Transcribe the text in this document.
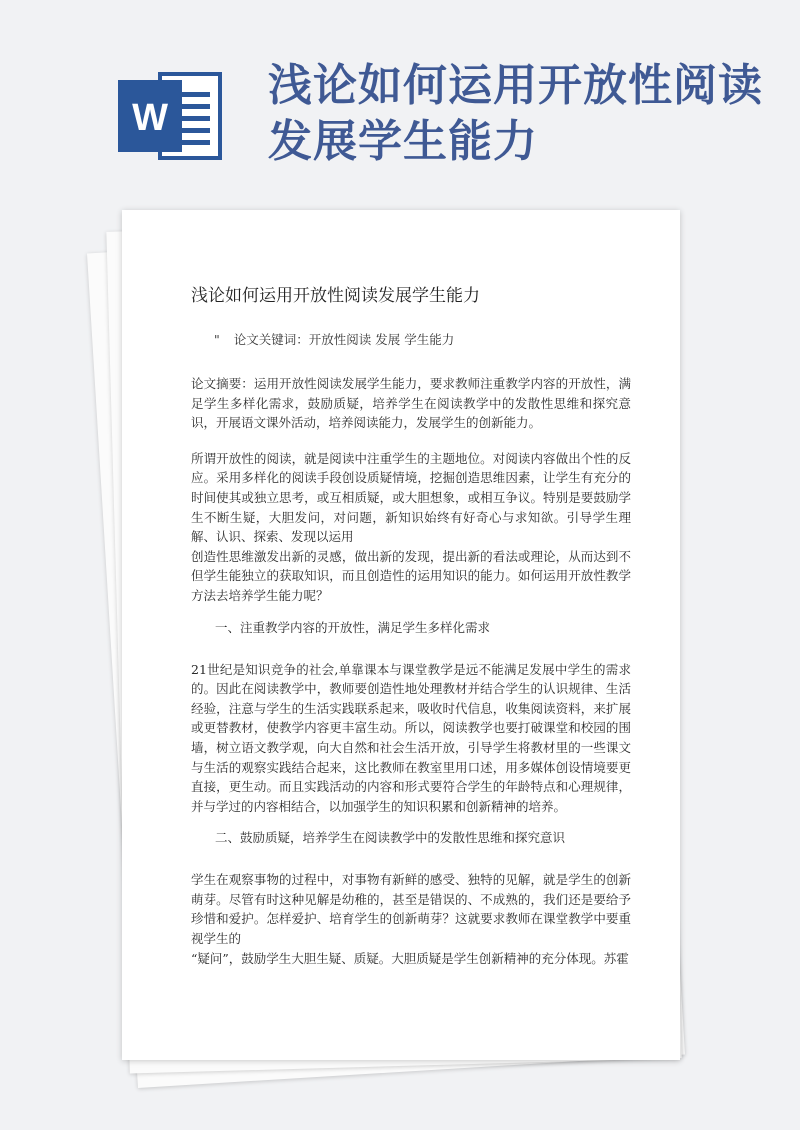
W
浅论如何运用开放性阅读发展学生能力
浅论如何运用开放性阅读发展学生能力
" 论文关键词：开放性阅读 发展 学生能力

论文摘要：运用开放性阅读发展学生能力，要求教师注重教学内容的开放性，满足学生多样化需求，鼓励质疑，培养学生在阅读教学中的发散性思维和探究意识，开展语文课外活动，培养阅读能力，发展学生的创新能力。

所谓开放性的阅读，就是阅读中注重学生的主题地位。对阅读内容做出个性的反应。采用多样化的阅读手段创设质疑情境，挖掘创造思维因素，让学生有充分的时间使其或独立思考，或互相质疑，或大胆想象，或相互争议。特别是要鼓励学生不断生疑，大胆发问，对问题，新知识始终有好奇心与求知欲。引导学生理解、认识、探索、发现以运用

创造性思维激发出新的灵感，做出新的发现，提出新的看法或理论，从而达到不但学生能独立的获取知识，而且创造性的运用知识的能力。如何运用开放性教学方法去培养学生能力呢？

一、注重教学内容的开放性，满足学生多样化需求

21世纪是知识竞争的社会,单靠课本与课堂教学是远不能满足发展中学生的需求的。因此在阅读教学中，教师要创造性地处理教材并结合学生的认识规律、生活经验，注意与学生的生活实践联系起来，吸收时代信息，收集阅读资料，来扩展或更替教材，使教学内容更丰富生动。所以，阅读教学也要打破课堂和校园的围墙，树立语文教学观，向大自然和社会生活开放，引导学生将教材里的一些课文与生活的观察实践结合起来，这比教师在教室里用口述，用多媒体创设情境要更直接，更生动。而且实践活动的内容和形式要符合学生的年龄特点和心理规律，并与学过的内容相结合，以加强学生的知识积累和创新精神的培养。

二、鼓励质疑，培养学生在阅读教学中的发散性思维和探究意识

学生在观察事物的过程中，对事物有新鲜的感受、独特的见解，就是学生的创新萌芽。尽管有时这种见解是幼稚的，甚至是错误的、不成熟的，我们还是要给予珍惜和爱护。怎样爱护、培育学生的创新萌芽？这就要求教师在课堂教学中要重视学生的

“疑问”，鼓励学生大胆生疑、质疑。大胆质疑是学生创新精神的充分体现。苏霍
